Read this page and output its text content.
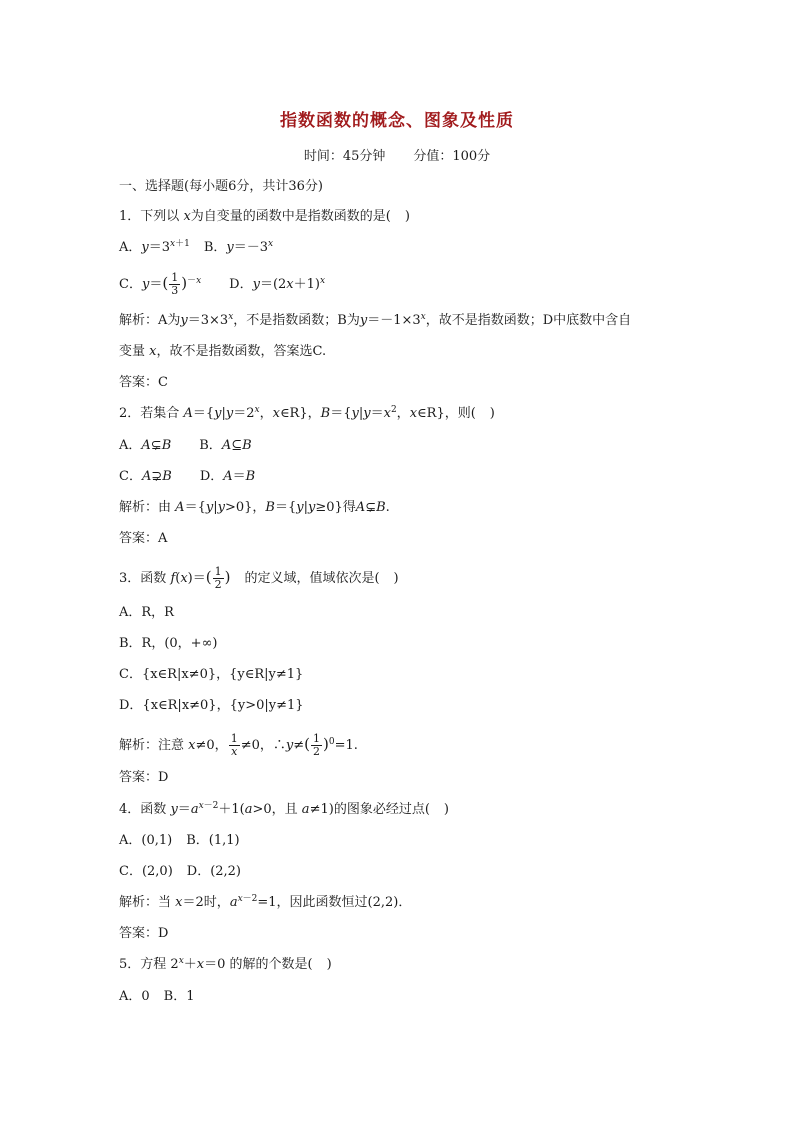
指数函数的概念、图象及性质
时间：45分钟 分值：100分
一、选择题(每小题6分，共计36分)
1．下列以 x为自变量的函数中是指数函数的是( )
A．$y=3^{x+1}$ B．$y=-3^x$
C．$y=( \frac{1}{3} )^{-x}$ D．$y=(2x+1)^x$
解析：A为$y=3\times 3^x$，不是指数函数；B为$y=-1\times 3^x$，故不是指数函数；D中底数中含自
变量 x，故不是指数函数，答案选C.
答案：C
2．若集合 $A=\{y|y=2^x$，x∈R}，$B=\{y|y=x^2$，x∈R}，则( )
A．A⊊B B．A⊆B
C．A⊋B D．A＝B
解析：由 A＝{y|y>0}，B＝{y|y≥0}得A⊊B.
答案：A
3．函数 $f(x)=( \frac{1}{2}$ ) 的定义域，值域依次是( )
A．R，R
B．R，(0，+∞)
C．{x∈R|x≠0}，{y∈R|y≠1}
D．{x∈R|x≠0}，{y>0|y≠1}
解析：注意 x≠0， $\frac{1}{x} \ne 0$，∴y≠( $\frac{1}{2} )^0=1$.
答案：D
4．函数 $y=a^{x-2}+1(a>0$，且 a≠1)的图象必经过点( )
A．(0,1) B．(1,1)
C．(2,0) D．(2,2)
解析：当 x＝2时，$a^{x-2}=1$，因此函数恒过(2,2)．
答案：D
5．方程 $2^x+x=0$ 的解的个数是( )
A．0 B．1
